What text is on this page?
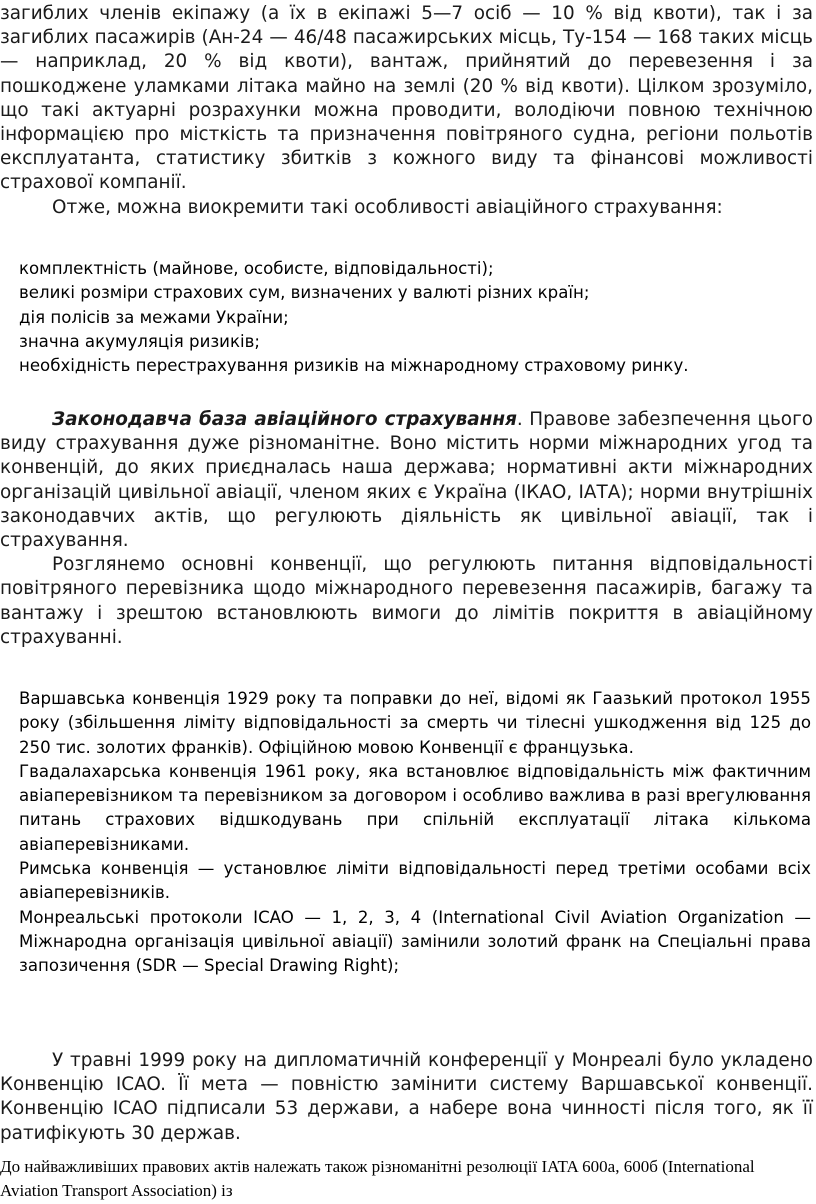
загиблих членів екіпажу (а їх в екіпажі 5—7 осіб — 10 % від квоти), так і за загиблих пасажирів (Ан-24 — 46/48 пасажирських місць, Ту-154 — 168 таких місць — наприклад, 20 % від квоти), вантаж, прийнятий до перевезення і за пошкоджене уламками літака майно на землі (20 % від квоти). Цілком зрозуміло, що такі актуарні розрахунки можна проводити, володіючи повною технічною інформацією про місткість та призначення повітряного судна, регіони польотів експлуатанта, статистику збитків з кожного виду та фінансові можливості страхової компанії.

Отже, можна виокремити такі особливості авіаційного страхування:

комплектність (майнове, особисте, відповідальності);
великі розміри страхових сум, визначених у валюті різних країн;
дія полісів за межами України;
значна акумуляція ризиків;
необхідність перестрахування ризиків на міжнародному страховому ринку.

Законодавча база авіаційного страхування. Правове забезпечення цього виду страхування дуже різноманітне. Воно містить норми міжнародних угод та конвенцій, до яких приєдналась наша держава; нормативні акти міжнародних організацій цивільної авіації, членом яких є Україна (ІКАО, ІАТА); норми внутрішніх законодавчих актів, що регулюють діяльність як цивільної авіації, так і страхування.

Розглянемо основні конвенції, що регулюють питання відповідальності повітряного перевізника щодо міжнародного перевезення пасажирів, багажу та вантажу і зрештою встановлюють вимоги до лімітів покриття в авіаційному страхуванні.

Варшавська конвенція 1929 року та поправки до неї, відомі як Гаазький протокол 1955 року (збільшення ліміту відповідальності за смерть чи тілесні ушкодження від 125 до 250 тис. золотих франків). Офіційною мовою Конвенції є французька.
Гвадалахарська конвенція 1961 року, яка встановлює відповідальність між фактичним авіаперевізником та перевізником за договором і особливо важлива в разі врегулювання питань страхових відшкодувань при спільній експлуатації літака кількома авіаперевізниками.
Римська конвенція — установлює ліміти відповідальності перед третіми особами всіх авіаперевізників.
Монреальські протоколи ICAO — 1, 2, 3, 4 (International Civil Aviation Organization — Міжнародна організація цивільної авіації) замінили золотий франк на Спеціальні права запозичення (SDR — Special Drawing Right);

У травні 1999 року на дипломатичній конференції у Монреалі було укладено Конвенцію ICAO. Її мета — повністю замінити систему Варшавської конвенції. Конвенцію ICAO підписали 53 держави, а набере вона чинності після того, як її ратифікують 30 держав.

До найважливіших правових актів належать також різноманітні резолюції IATA 600а, 600б (International Aviation Transport Association) із
